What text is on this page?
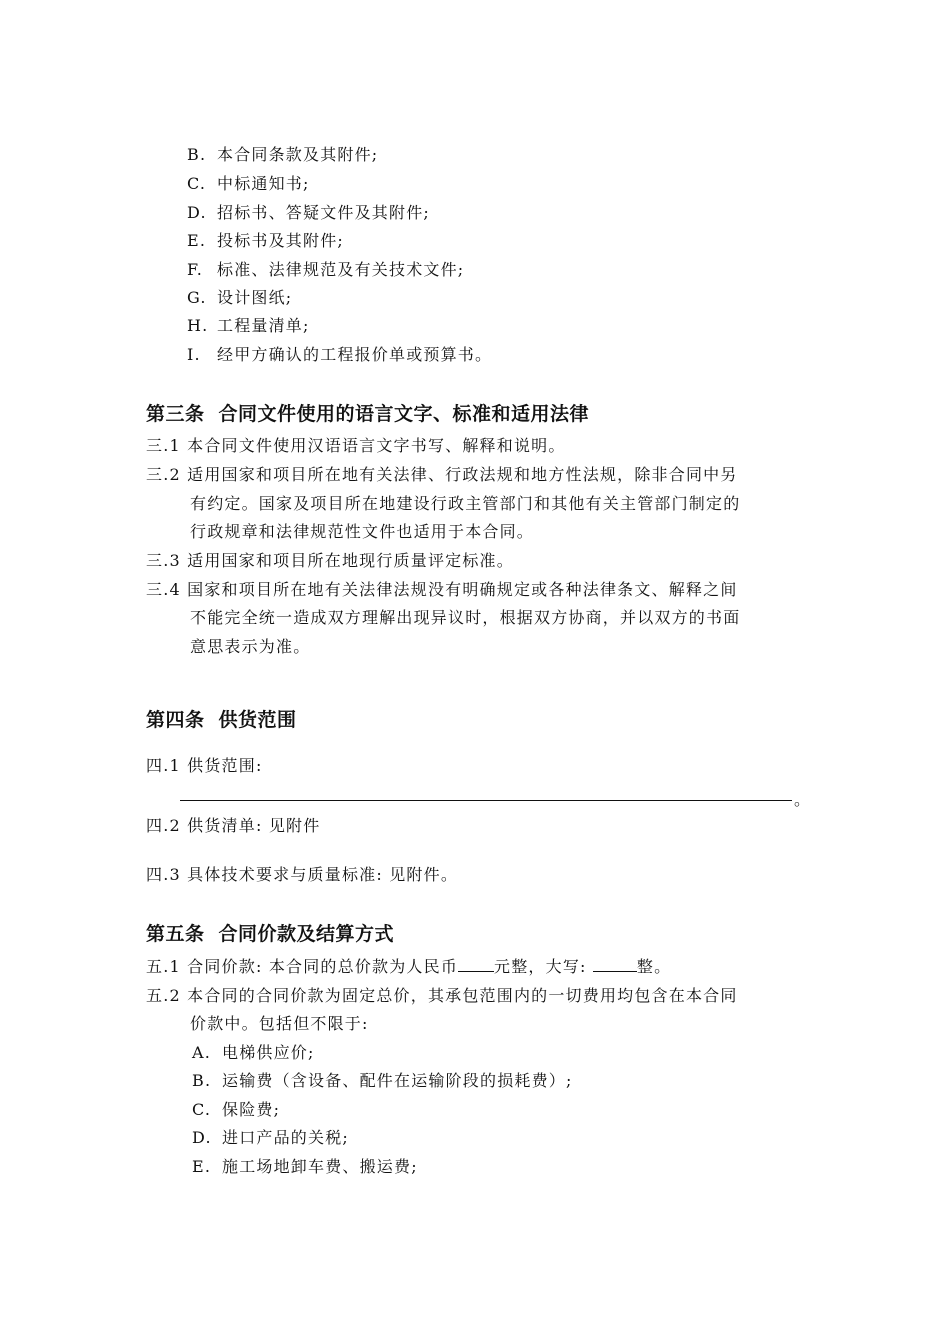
B. 本合同条款及其附件;
C. 中标通知书;
D. 招标书、答疑文件及其附件;
E. 投标书及其附件;
F. 标准、法律规范及有关技术文件;
G. 设计图纸;
H. 工程量清单;
I. 经甲方确认的工程报价单或预算书。
第三条 合同文件使用的语言文字、标准和适用法律
三.1 本合同文件使用汉语语言文字书写、解释和说明。
三.2 适用国家和项目所在地有关法律、行政法规和地方性法规，除非合同中另
有约定。国家及项目所在地建设行政主管部门和其他有关主管部门制定的
行政规章和法律规范性文件也适用于本合同。
三.3 适用国家和项目所在地现行质量评定标准。
三.4 国家和项目所在地有关法律法规没有明确规定或各种法律条文、解释之间
不能完全统一造成双方理解出现异议时，根据双方协商，并以双方的书面
意思表示为准。
第四条 供货范围
四.1 供货范围:
。
四.2 供货清单: 见附件
四.3 具体技术要求与质量标准: 见附件。
第五条 合同价款及结算方式
五.1 合同价款: 本合同的总价款为人民币 元整，大写:	整。
五.2 本合同的合同价款为固定总价，其承包范围内的一切费用均包含在本合同
价款中。包括但不限于:
A. 电梯供应价;
B. 运输费（含设备、配件在运输阶段的损耗费）;
C. 保险费;
D. 进口产品的关税;
E. 施工场地卸车费、搬运费;
